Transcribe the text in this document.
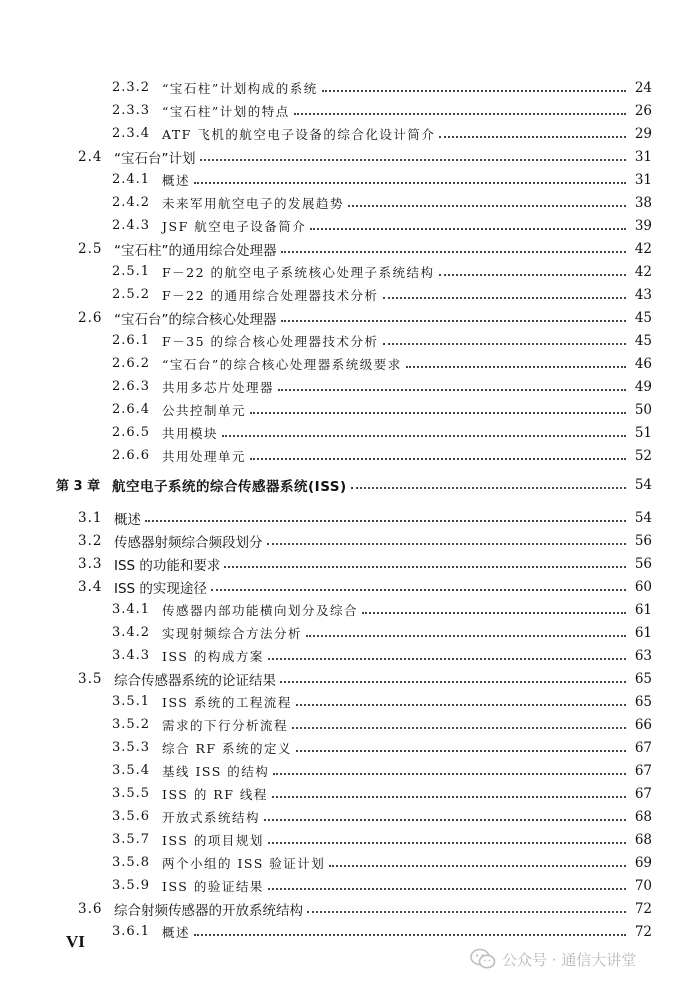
2.3.2 “宝石柱”计划构成的系统	24
2.3.3 “宝石柱”计划的特点	26
2.3.4 ATF 飞机的航空电子设备的综合化设计简介	29
2.4 “宝石台”计划	31
2.4.1 概述	31
2.4.2 未来军用航空电子的发展趋势	38
2.4.3 JSF 航空电子设备简介	39
2.5 “宝石柱”的通用综合处理器	42
2.5.1 F－22 的航空电子系统核心处理子系统结构	42
2.5.2 F－22 的通用综合处理器技术分析	43
2.6 “宝石台”的综合核心处理器	45
2.6.1 F－35 的综合核心处理器技术分析	45
2.6.2 “宝石台”的综合核心处理器系统级要求	46
2.6.3 共用多芯片处理器	49
2.6.4 公共控制单元	50
2.6.5 共用模块	51
2.6.6 共用处理单元	52
第 3 章 航空电子系统的综合传感器系统(ISS)	54
3.1 概述	54
3.2 传感器射频综合频段划分	56
3.3 ISS 的功能和要求	56
3.4 ISS 的实现途径	60
3.4.1 传感器内部功能横向划分及综合	61
3.4.2 实现射频综合方法分析	61
3.4.3 ISS 的构成方案	63
3.5 综合传感器系统的论证结果	65
3.5.1 ISS 系统的工程流程	65
3.5.2 需求的下行分析流程	66
3.5.3 综合 RF 系统的定义	67
3.5.4 基线 ISS 的结构	67
3.5.5 ISS 的 RF 线程	67
3.5.6 开放式系统结构	68
3.5.7 ISS 的项目规划	68
3.5.8 两个小组的 ISS 验证计划	69
3.5.9 ISS 的验证结果	70
3.6 综合射频传感器的开放系统结构	72
3.6.1 概述	72
VI
公众号 · 通信大讲堂
